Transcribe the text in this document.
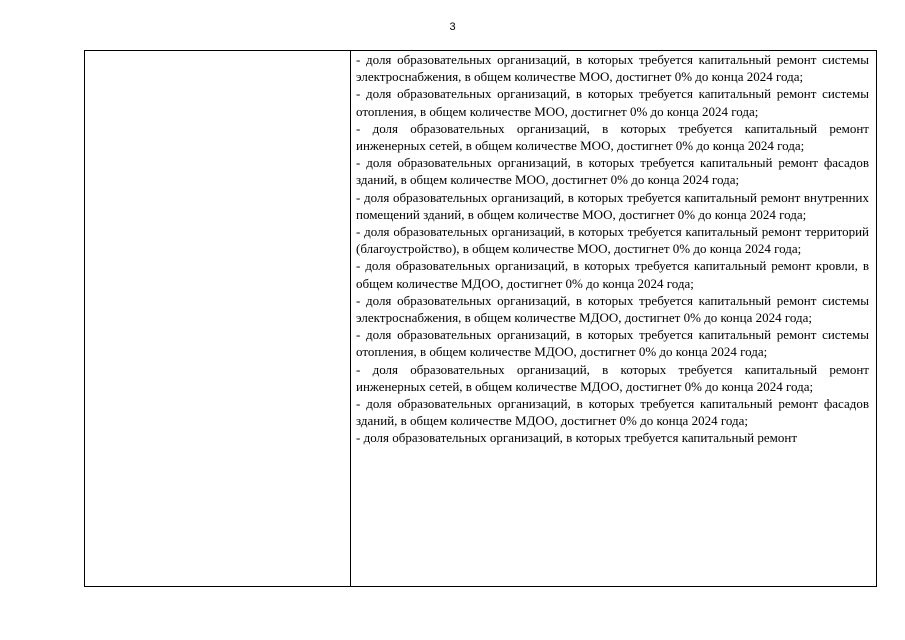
3

- доля образовательных организаций, в которых требуется капитальный ремонт системы электроснабжения, в общем количестве МОО, достигнет 0% до конца 2024 года;

- доля образовательных организаций, в которых требуется капитальный ремонт системы отопления, в общем количестве МОО, достигнет 0% до конца 2024 года;

- доля образовательных организаций, в которых требуется капитальный ремонт инженерных сетей, в общем количестве МОО, достигнет 0% до конца 2024 года;

- доля образовательных организаций, в которых требуется капитальный ремонт фасадов зданий, в общем количестве МОО, достигнет 0% до конца 2024 года;

- доля образовательных организаций, в которых требуется капитальный ремонт внутренних помещений зданий, в общем количестве МОО, достигнет 0% до конца 2024 года;

- доля образовательных организаций, в которых требуется капитальный ремонт территорий (благоустройство), в общем количестве МОО, достигнет 0% до конца 2024 года;

- доля образовательных организаций, в которых требуется капитальный ремонт кровли, в общем количестве МДОО, достигнет 0% до конца 2024 года;

- доля образовательных организаций, в которых требуется капитальный ремонт системы электроснабжения, в общем количестве МДОО, достигнет 0% до конца 2024 года;

- доля образовательных организаций, в которых требуется капитальный ремонт системы отопления, в общем количестве МДОО, достигнет 0% до конца 2024 года;

- доля образовательных организаций, в которых требуется капитальный ремонт инженерных сетей, в общем количестве МДОО, достигнет 0% до конца 2024 года;

- доля образовательных организаций, в которых требуется капитальный ремонт фасадов зданий, в общем количестве МДОО, достигнет 0% до конца 2024 года;

- доля образовательных организаций, в которых требуется капитальный ремонт
